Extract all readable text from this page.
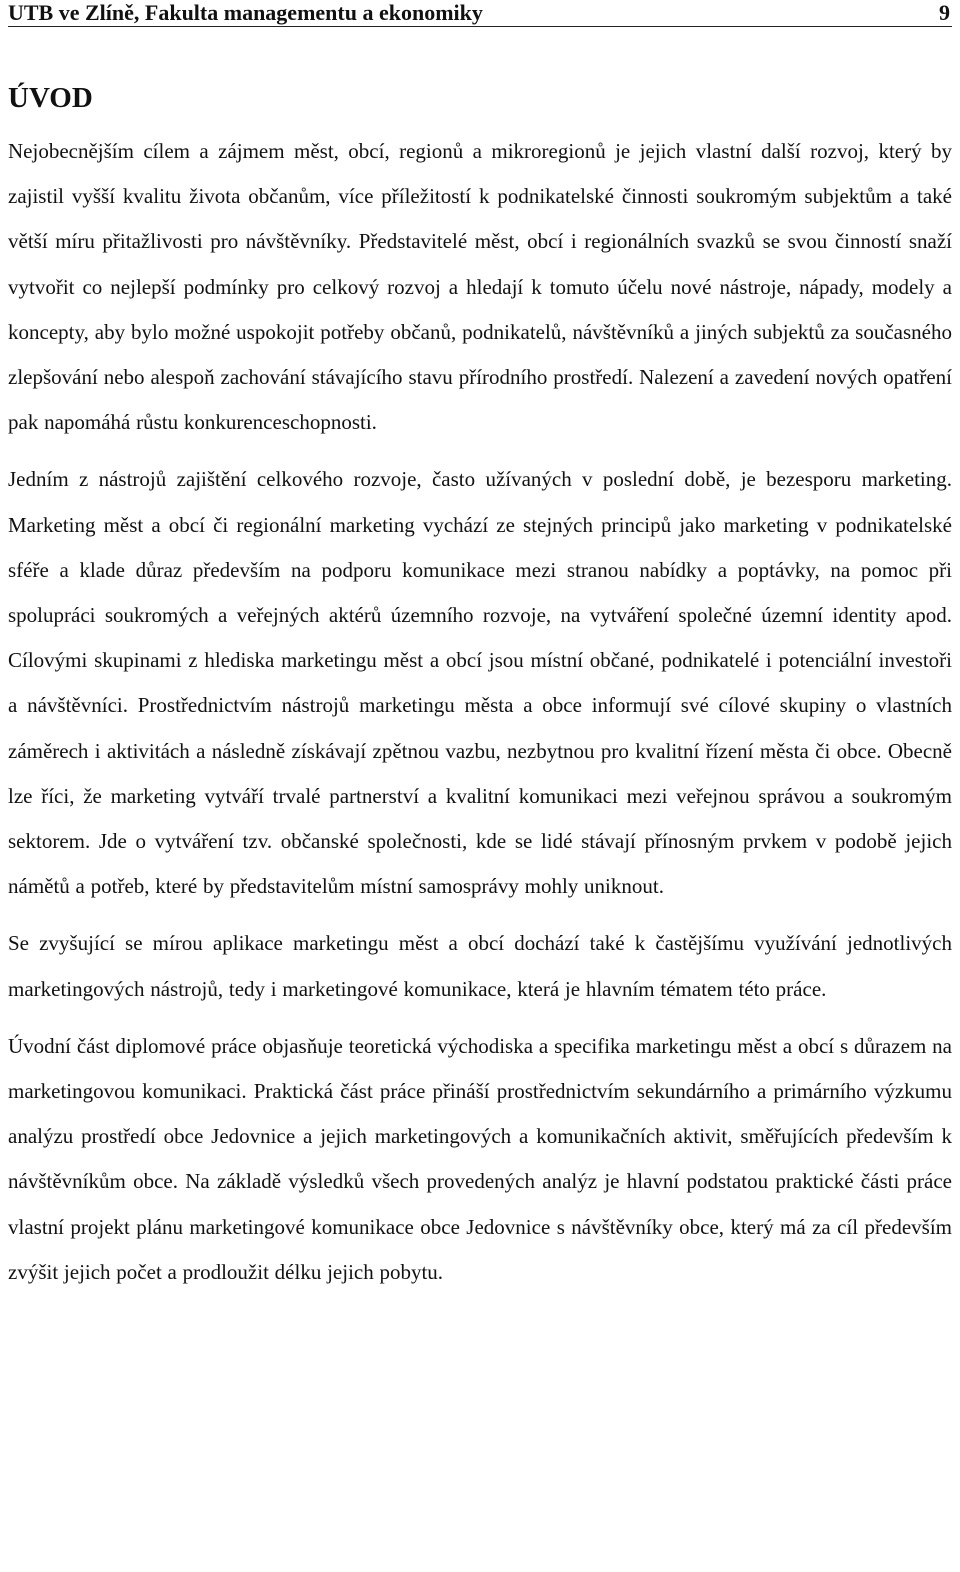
UTB ve Zlíně, Fakulta managementu a ekonomiky	9
ÚVOD

Nejobecnějším cílem a zájmem měst, obcí, regionů a mikroregionů je jejich vlastní další rozvoj, který by zajistil vyšší kvalitu života občanům, více příležitostí k podnikatelské činnosti soukromým subjektům a také větší míru přitažlivosti pro návštěvníky. Představitelé měst, obcí i regionálních svazků se svou činností snaží vytvořit co nejlepší podmínky pro celkový rozvoj a hledají k tomuto účelu nové nástroje, nápady, modely a koncepty, aby bylo možné uspokojit potřeby občanů, podnikatelů, návštěvníků a jiných subjektů za současného zlepšování nebo alespoň zachování stávajícího stavu přírodního prostředí. Nalezení a zavedení nových opatření pak napomáhá růstu konkurenceschopnosti.

Jedním z nástrojů zajištění celkového rozvoje, často užívaných v poslední době, je bezesporu marketing. Marketing měst a obcí či regionální marketing vychází ze stejných principů jako marketing v podnikatelské sféře a klade důraz především na podporu komunikace mezi stranou nabídky a poptávky, na pomoc při spolupráci soukromých a veřejných aktérů územního rozvoje, na vytváření společné územní identity apod. Cílovými skupinami z hlediska marketingu měst a obcí jsou místní občané, podnikatelé i potenciální investoři a návštěvníci. Prostřednictvím nástrojů marketingu města a obce informují své cílové skupiny o vlastních záměrech i aktivitách a následně získávají zpětnou vazbu, nezbytnou pro kvalitní řízení města či obce. Obecně lze říci, že marketing vytváří trvalé partnerství a kvalitní komunikaci mezi veřejnou správou a soukromým sektorem. Jde o vytváření tzv. občanské společnosti, kde se lidé stávají přínosným prvkem v podobě jejich námětů a potřeb, které by představitelům místní samosprávy mohly uniknout.

Se zvyšující se mírou aplikace marketingu měst a obcí dochází také k častějšímu využívání jednotlivých marketingových nástrojů, tedy i marketingové komunikace, která je hlavním tématem této práce.

Úvodní část diplomové práce objasňuje teoretická východiska a specifika marketingu měst a obcí s důrazem na marketingovou komunikaci. Praktická část práce přináší prostřednictvím sekundárního a primárního výzkumu analýzu prostředí obce Jedovnice a jejich marketingových a komunikačních aktivit, směřujících především k návštěvníkům obce. Na základě výsledků všech provedených analýz je hlavní podstatou praktické části práce vlastní projekt plánu marketingové komunikace obce Jedovnice s návštěvníky obce, který má za cíl především zvýšit jejich počet a prodloužit délku jejich pobytu.
